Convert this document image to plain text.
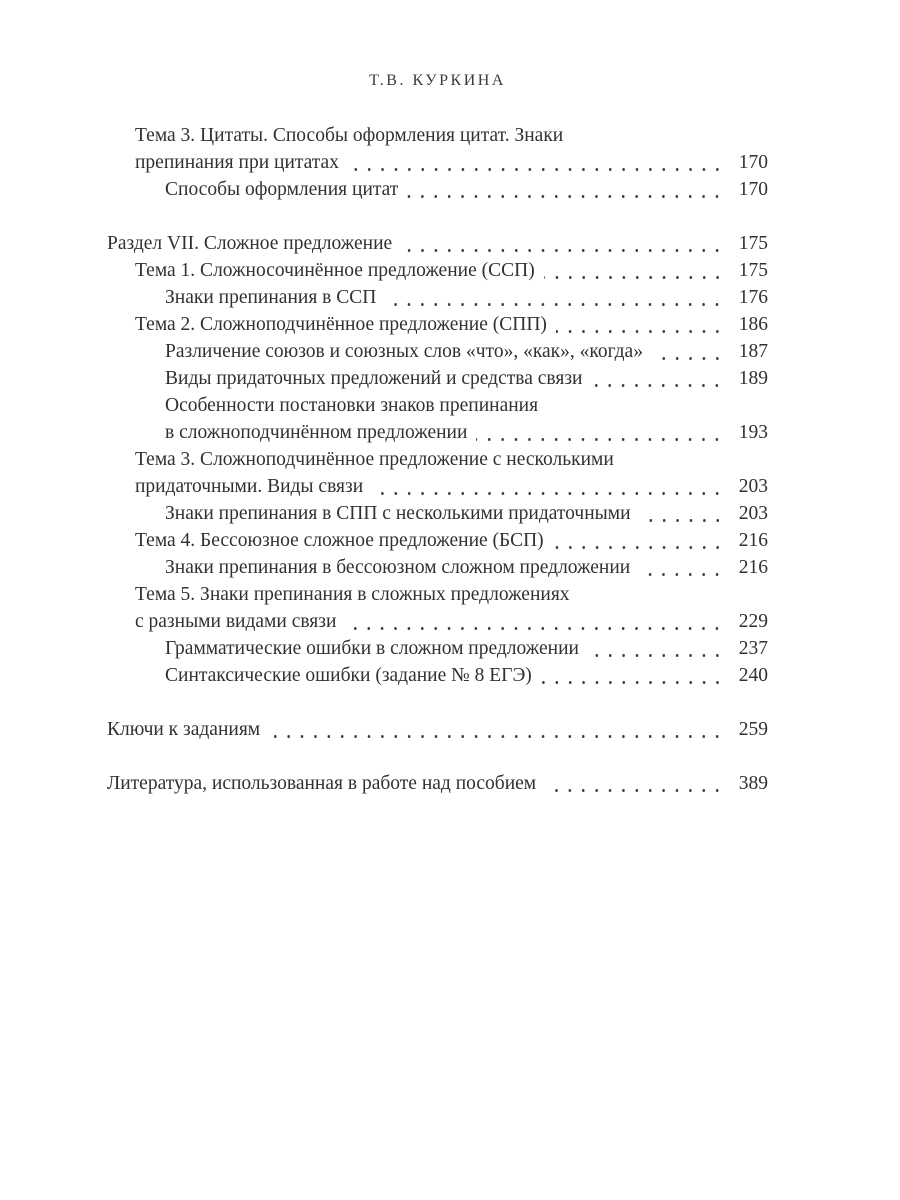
Т.В. КУРКИНА
Тема 3. Цитаты. Способы оформления цитат. Знаки
препинания при цитатах	170
Способы оформления цитат	170
Раздел VII. Сложное предложение	175
Тема 1. Сложносочинённое предложение (ССП)	175
Знаки препинания в ССП	176
Тема 2. Сложноподчинённое предложение (СПП)	186
Различение союзов и союзных слов «что», «как», «когда»	187
Виды придаточных предложений и средства связи	189
Особенности постановки знаков препинания
в сложноподчинённом предложении	193
Тема 3. Сложноподчинённое предложение с несколькими
придаточными. Виды связи	203
Знаки препинания в СПП с несколькими придаточными	203
Тема 4. Бессоюзное сложное предложение (БСП)	216
Знаки препинания в бессоюзном сложном предложении	216
Тема 5. Знаки препинания в сложных предложениях
с разными видами связи	229
Грамматические ошибки в сложном предложении	237
Синтаксические ошибки (задание № 8 ЕГЭ)	240
Ключи к заданиям	259
Литература, использованная в работе над пособием	389
